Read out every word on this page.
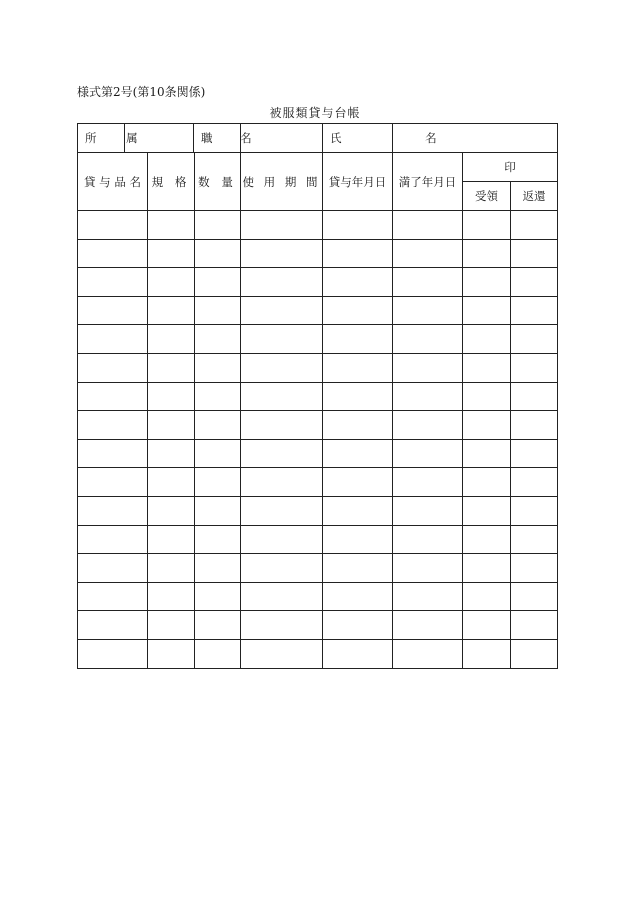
様式第2号(第10条関係)
被服類貸与台帳
所 属		職 名		氏 名	
貸 与 品 名	規 格	数 量	使 用 期 間	貸与年月日	満了年月日	印	
						受領	返還
